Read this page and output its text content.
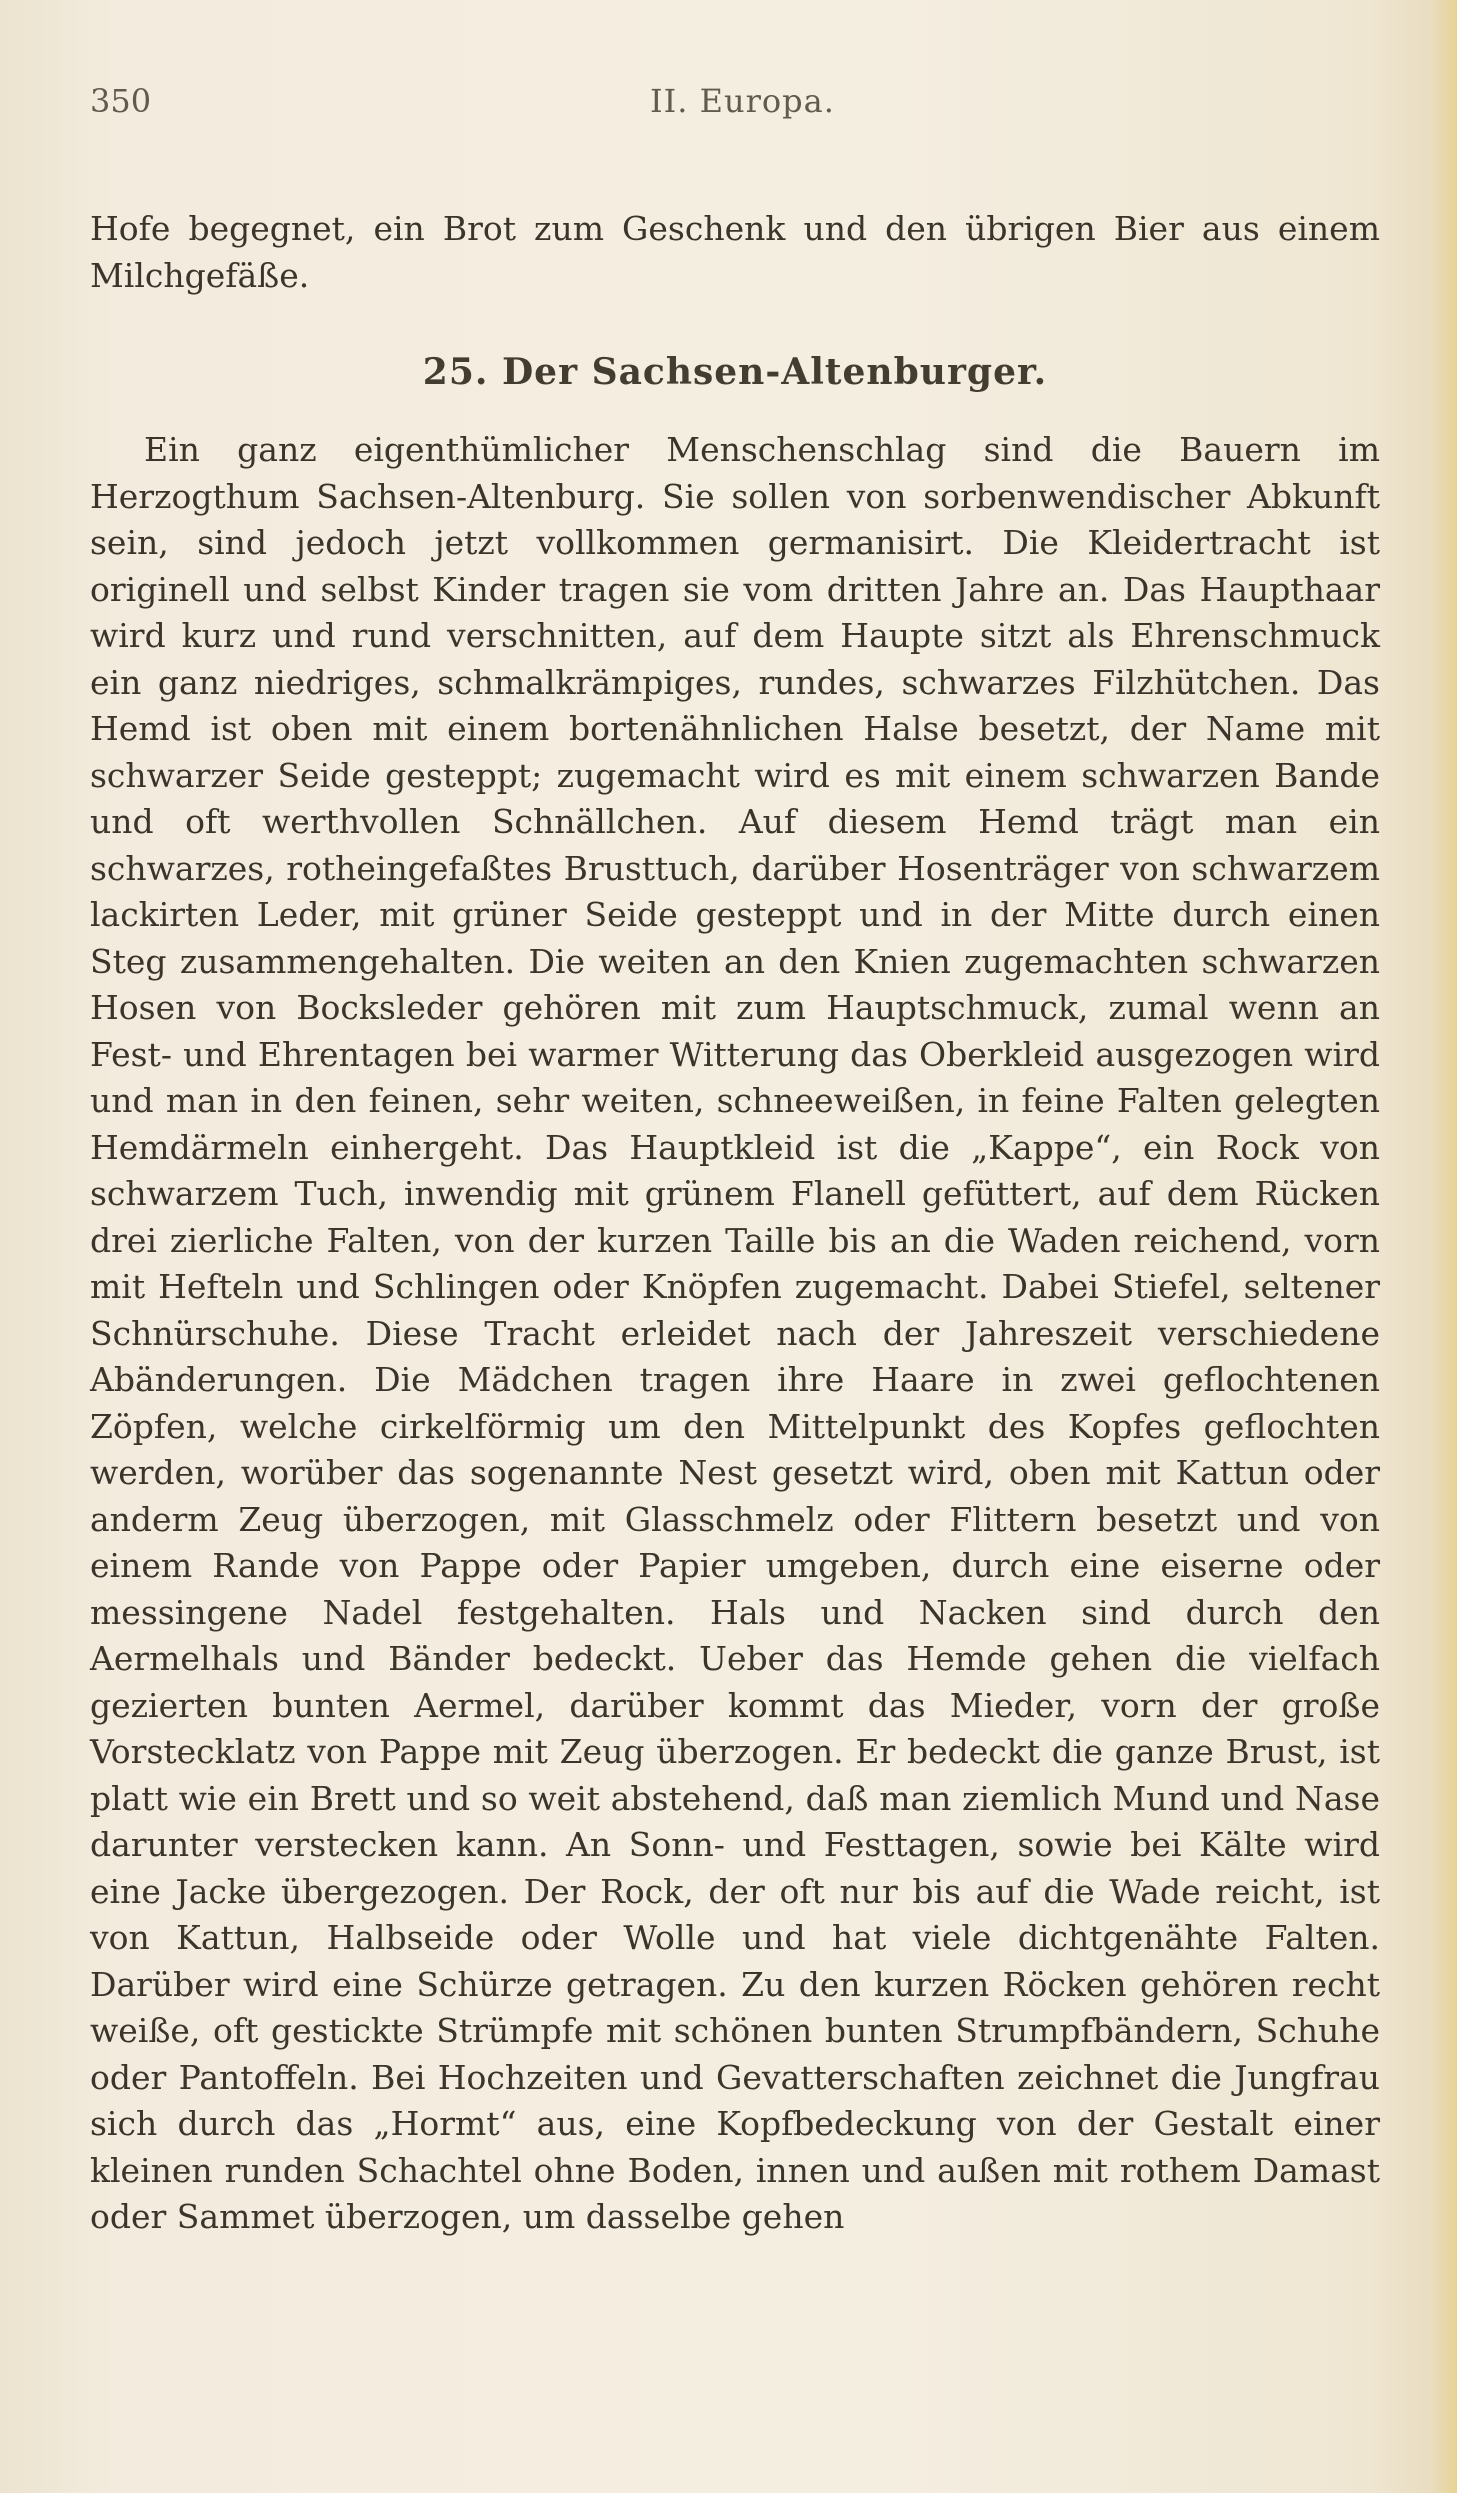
350	II. Europa.

Hofe begegnet, ein Brot zum Geschenk und den übrigen Bier aus einem Milchgefäße.

25. Der Sachsen-Altenburger.

Ein ganz eigenthümlicher Menschenschlag sind die Bauern im Herzogthum Sachsen-Altenburg. Sie sollen von sorbenwendischer Abkunft sein, sind jedoch jetzt vollkommen germanisirt. Die Kleidertracht ist originell und selbst Kinder tragen sie vom dritten Jahre an. Das Haupthaar wird kurz und rund verschnitten, auf dem Haupte sitzt als Ehrenschmuck ein ganz niedriges, schmalkrämpiges, rundes, schwarzes Filzhütchen. Das Hemd ist oben mit einem bortenähnlichen Halse besetzt, der Name mit schwarzer Seide gesteppt; zugemacht wird es mit einem schwarzen Bande und oft werthvollen Schnällchen. Auf diesem Hemd trägt man ein schwarzes, rotheingefaßtes Brusttuch, darüber Hosenträger von schwarzem lackirten Leder, mit grüner Seide gesteppt und in der Mitte durch einen Steg zusammengehalten. Die weiten an den Knien zugemachten schwarzen Hosen von Bocksleder gehören mit zum Hauptschmuck, zumal wenn an Fest- und Ehrentagen bei warmer Witterung das Oberkleid ausgezogen wird und man in den feinen, sehr weiten, schneeweißen, in feine Falten gelegten Hemdärmeln einhergeht. Das Hauptkleid ist die „Kappe“, ein Rock von schwarzem Tuch, inwendig mit grünem Flanell gefüttert, auf dem Rücken drei zierliche Falten, von der kurzen Taille bis an die Waden reichend, vorn mit Hefteln und Schlingen oder Knöpfen zugemacht. Dabei Stiefel, seltener Schnürschuhe. Diese Tracht erleidet nach der Jahreszeit verschiedene Abänderungen. Die Mädchen tragen ihre Haare in zwei geflochtenen Zöpfen, welche cirkelförmig um den Mittelpunkt des Kopfes geflochten werden, worüber das sogenannte Nest gesetzt wird, oben mit Kattun oder anderm Zeug überzogen, mit Glasschmelz oder Flittern besetzt und von einem Rande von Pappe oder Papier umgeben, durch eine eiserne oder messingene Nadel festgehalten. Hals und Nacken sind durch den Aermelhals und Bänder bedeckt. Ueber das Hemde gehen die vielfach gezierten bunten Aermel, darüber kommt das Mieder, vorn der große Vorstecklatz von Pappe mit Zeug überzogen. Er bedeckt die ganze Brust, ist platt wie ein Brett und so weit abstehend, daß man ziemlich Mund und Nase darunter verstecken kann. An Sonn- und Festtagen, sowie bei Kälte wird eine Jacke übergezogen. Der Rock, der oft nur bis auf die Wade reicht, ist von Kattun, Halbseide oder Wolle und hat viele dichtgenähte Falten. Darüber wird eine Schürze getragen. Zu den kurzen Röcken gehören recht weiße, oft gestickte Strümpfe mit schönen bunten Strumpfbändern, Schuhe oder Pantoffeln. Bei Hochzeiten und Gevatterschaften zeichnet die Jungfrau sich durch das „Hormt“ aus, eine Kopfbedeckung von der Gestalt einer kleinen runden Schachtel ohne Boden, innen und außen mit rothem Damast oder Sammet überzogen, um dasselbe gehen
